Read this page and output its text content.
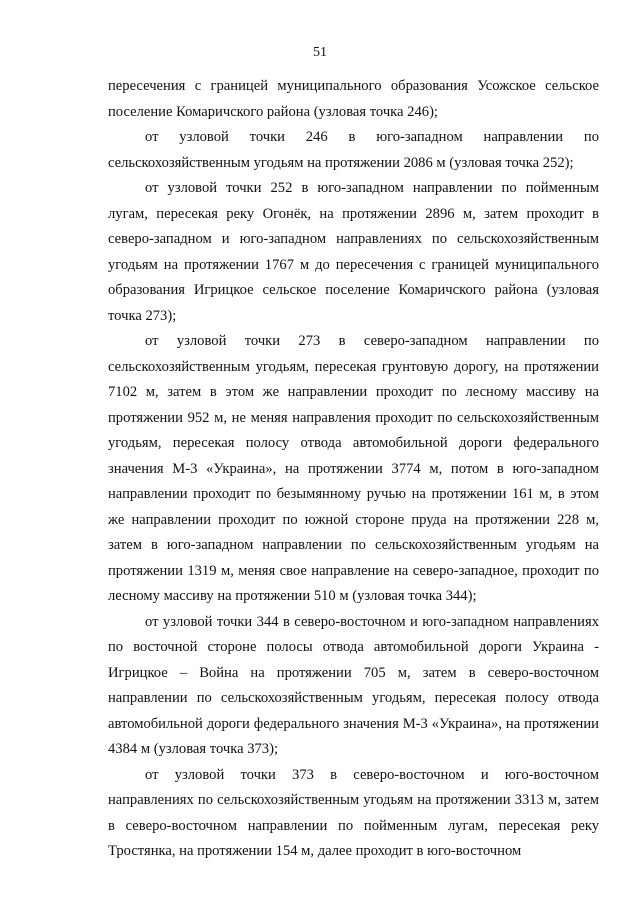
51

пересечения с границей муниципального образования Усожское сельское поселение Комаричского района (узловая точка 246);

от узловой точки 246 в юго-западном направлении по сельскохозяйственным угодьям на протяжении 2086 м (узловая точка 252);

от узловой точки 252 в юго-западном направлении по пойменным лугам, пересекая реку Огонёк, на протяжении 2896 м, затем проходит в северо-западном и юго-западном направлениях по сельскохозяйственным угодьям на протяжении 1767 м до пересечения с границей муниципального образования Игрицкое сельское поселение Комаричского района (узловая точка 273);

от узловой точки 273 в северо-западном направлении по сельскохозяйственным угодьям, пересекая грунтовую дорогу, на протяжении 7102 м, затем в этом же направлении проходит по лесному массиву на протяжении 952 м, не меняя направления проходит по сельскохозяйственным угодьям, пересекая полосу отвода автомобильной дороги федерального значения М-3 «Украина», на протяжении 3774 м, потом в юго-западном направлении проходит по безымянному ручью на протяжении 161 м, в этом же направлении проходит по южной стороне пруда на протяжении 228 м, затем в юго-западном направлении по сельскохозяйственным угодьям на протяжении 1319 м, меняя свое направление на северо-западное, проходит по лесному массиву на протяжении 510 м (узловая точка 344);

от узловой точки 344 в северо-восточном и юго-западном направлениях по восточной стороне полосы отвода автомобильной дороги Украина - Игрицкое – Война на протяжении 705 м, затем в северо-восточном направлении по сельскохозяйственным угодьям, пересекая полосу отвода автомобильной дороги федерального значения М-3 «Украина», на протяжении 4384 м (узловая точка 373);

от узловой точки 373 в северо-восточном и юго-восточном направлениях по сельскохозяйственным угодьям на протяжении 3313 м, затем в северо-восточном направлении по пойменным лугам, пересекая реку Тростянка, на протяжении 154 м, далее проходит в юго-восточном
